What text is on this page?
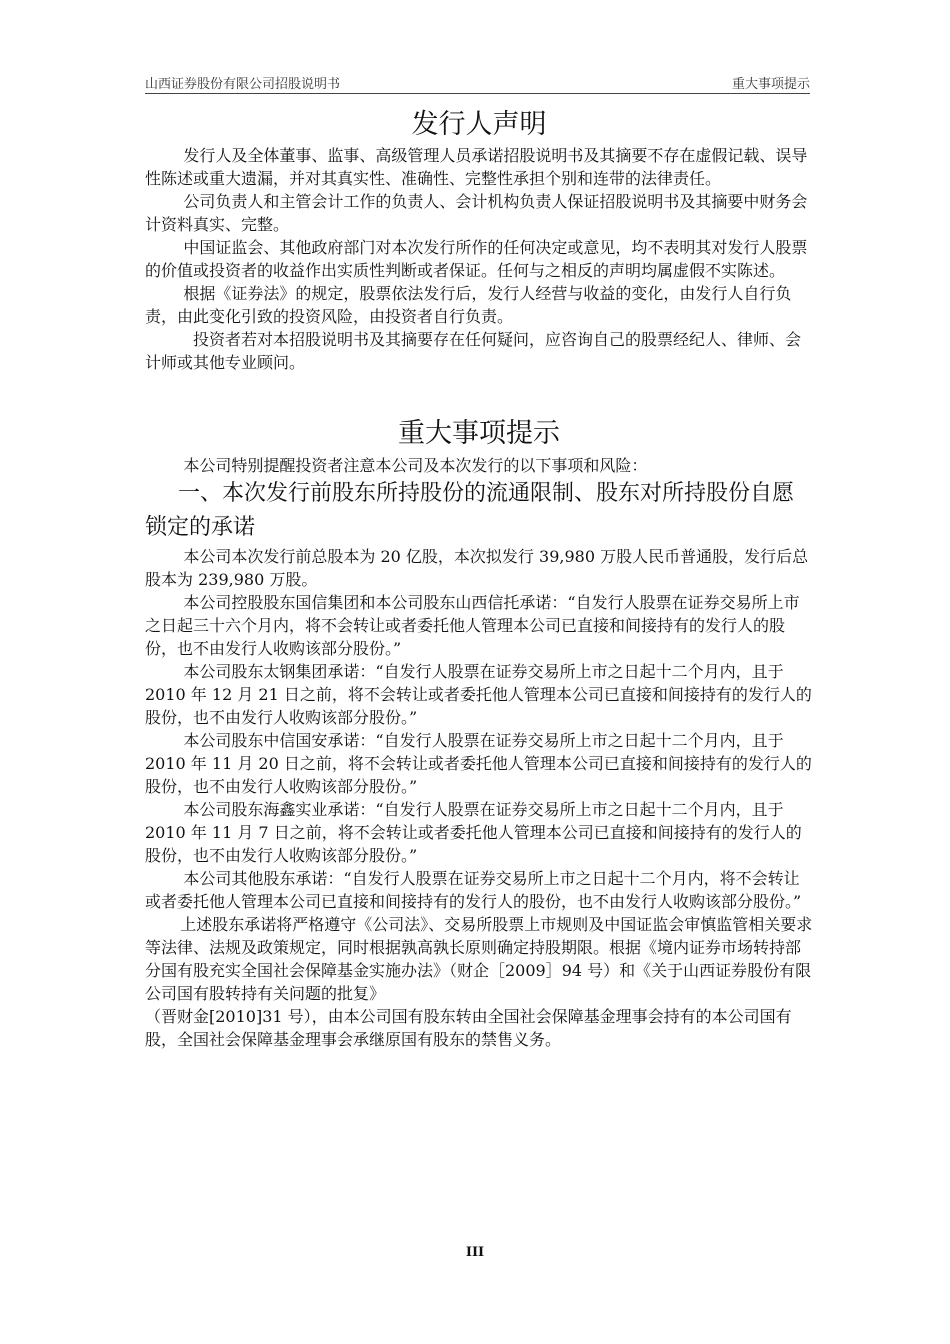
山西证券股份有限公司招股说明书	重大事项提示
发行人声明

发行人及全体董事、监事、高级管理人员承诺招股说明书及其摘要不存在虚假记载、误导性陈述或重大遗漏，并对其真实性、准确性、完整性承担个别和连带的法律责任。

公司负责人和主管会计工作的负责人、会计机构负责人保证招股说明书及其摘要中财务会计资料真实、完整。

中国证监会、其他政府部门对本次发行所作的任何决定或意见，均不表明其对发行人股票的价值或投资者的收益作出实质性判断或者保证。任何与之相反的声明均属虚假不实陈述。

根据《证券法》的规定，股票依法发行后，发行人经营与收益的变化，由发行人自行负责，由此变化引致的投资风险，由投资者自行负责。

投资者若对本招股说明书及其摘要存在任何疑问，应咨询自己的股票经纪人、律师、会计师或其他专业顾问。

重大事项提示

本公司特别提醒投资者注意本公司及本次发行的以下事项和风险：

一、本次发行前股东所持股份的流通限制、股东对所持股份自愿锁定的承诺

本公司本次发行前总股本为 20 亿股，本次拟发行 39,980 万股人民币普通股，发行后总股本为 239,980 万股。

本公司控股股东国信集团和本公司股东山西信托承诺：“自发行人股票在证券交易所上市之日起三十六个月内，将不会转让或者委托他人管理本公司已直接和间接持有的发行人的股份，也不由发行人收购该部分股份。”

本公司股东太钢集团承诺：“自发行人股票在证券交易所上市之日起十二个月内，且于 2010 年 12 月 21 日之前，将不会转让或者委托他人管理本公司已直接和间接持有的发行人的股份，也不由发行人收购该部分股份。”

本公司股东中信国安承诺：“自发行人股票在证券交易所上市之日起十二个月内，且于 2010 年 11 月 20 日之前，将不会转让或者委托他人管理本公司已直接和间接持有的发行人的股份，也不由发行人收购该部分股份。”

本公司股东海鑫实业承诺：“自发行人股票在证券交易所上市之日起十二个月内，且于 2010 年 11 月 7 日之前，将不会转让或者委托他人管理本公司已直接和间接持有的发行人的股份，也不由发行人收购该部分股份。”

本公司其他股东承诺：“自发行人股票在证券交易所上市之日起十二个月内，将不会转让或者委托他人管理本公司已直接和间接持有的发行人的股份，也不由发行人收购该部分股份。”

上述股东承诺将严格遵守《公司法》、交易所股票上市规则及中国证监会审慎监管相关要求等法律、法规及政策规定，同时根据孰高孰长原则确定持股期限。根据《境内证券市场转持部分国有股充实全国社会保障基金实施办法》（财企［2009］94 号）和《关于山西证券股份有限公司国有股转持有关问题的批复》

（晋财金[2010]31 号），由本公司国有股东转由全国社会保障基金理事会持有的本公司国有股，全国社会保障基金理事会承继原国有股东的禁售义务。

III
